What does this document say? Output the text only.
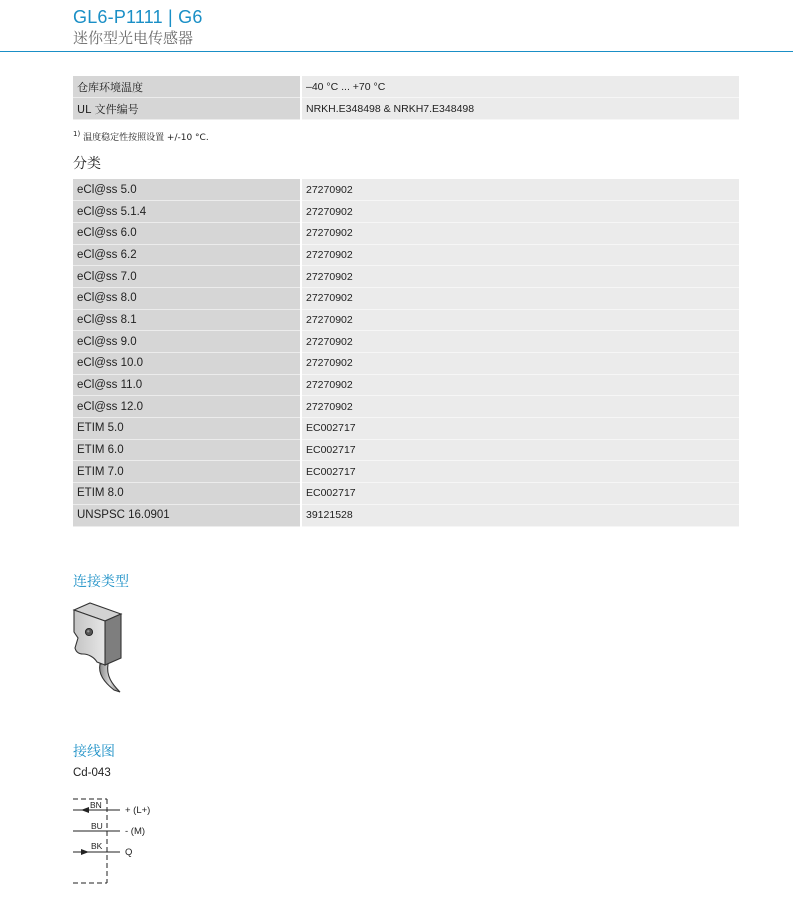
GL6-P1111 | G6
迷你型光电传感器
仓库环境温度	–40 °C ... +70 °C
UL 文件编号	NRKH.E348498 & NRKH7.E348498
$^{1)}$ 温度稳定性按照设置 +/-10 °C.
分类
eCl@ss 5.0	27270902
eCl@ss 5.1.4	27270902
eCl@ss 6.0	27270902
eCl@ss 6.2	27270902
eCl@ss 7.0	27270902
eCl@ss 8.0	27270902
eCl@ss 8.1	27270902
eCl@ss 9.0	27270902
eCl@ss 10.0	27270902
eCl@ss 11.0	27270902
eCl@ss 12.0	27270902
ETIM 5.0	EC002717
ETIM 6.0	EC002717
ETIM 7.0	EC002717
ETIM 8.0	EC002717
UNSPSC 16.0901	39121528
连接类型
接线图
Cd-043
BN + (L+)
BU - (M)
BK
Q
